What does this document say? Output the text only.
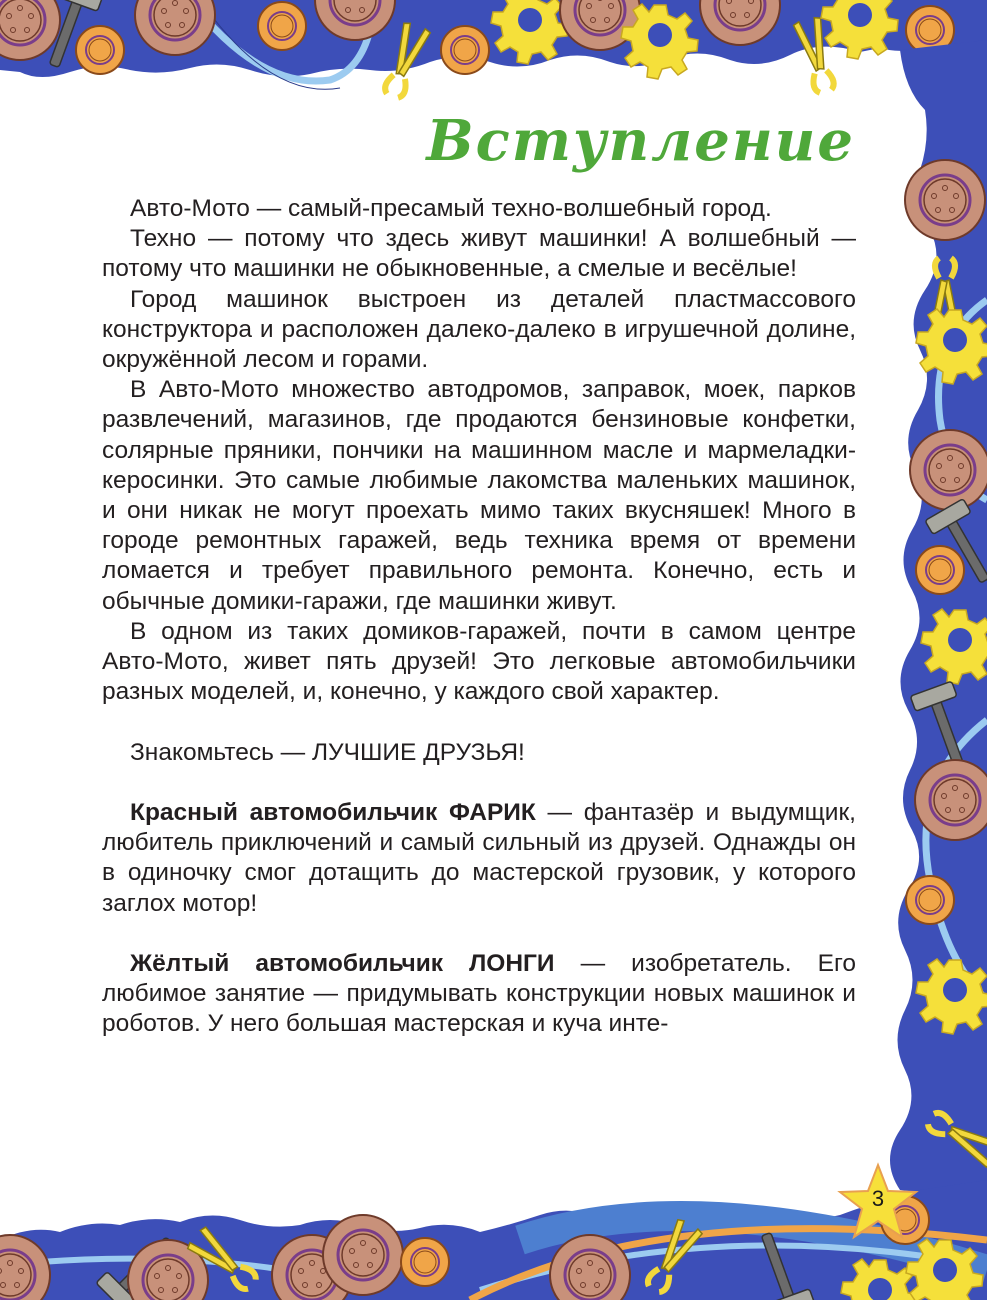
Вступление

Авто-Мото — самый-пресамый техно-волшебный город.

Техно — потому что здесь живут машинки! А волшебный — потому что машинки не обыкновенные, а смелые и весёлые!

Город машинок выстроен из деталей пластмассового конструктора и расположен далеко-далеко в игрушечной долине, окружённой лесом и горами.

В Авто-Мото множество автодромов, заправок, моек, парков развлечений, магазинов, где продаются бензиновые конфетки, солярные пряники, пончики на машинном масле и мармеладки-керосинки. Это самые любимые лакомства маленьких машинок, и они никак не могут проехать мимо таких вкусняшек! Много в городе ремонтных гаражей, ведь техника время от времени ломается и требует правильного ремонта. Конечно, есть и обычные домики-гаражи, где машинки живут.

В одном из таких домиков-гаражей, почти в самом центре Авто-Мото, живет пять друзей! Это легковые автомобильчики разных моделей, и, конечно, у каждого свой характер.

Знакомьтесь — ЛУЧШИЕ ДРУЗЬЯ!

Красный автомобильчик ФАРИК — фантазёр и выдумщик, любитель приключений и самый сильный из друзей. Однажды он в одиночку смог дотащить до мастерской грузовик, у которого заглох мотор!

Жёлтый автомобильчик ЛОНГИ — изобретатель. Его любимое занятие — придумывать конструкции новых машинок и роботов. У него большая мастерская и куча инте-

3
